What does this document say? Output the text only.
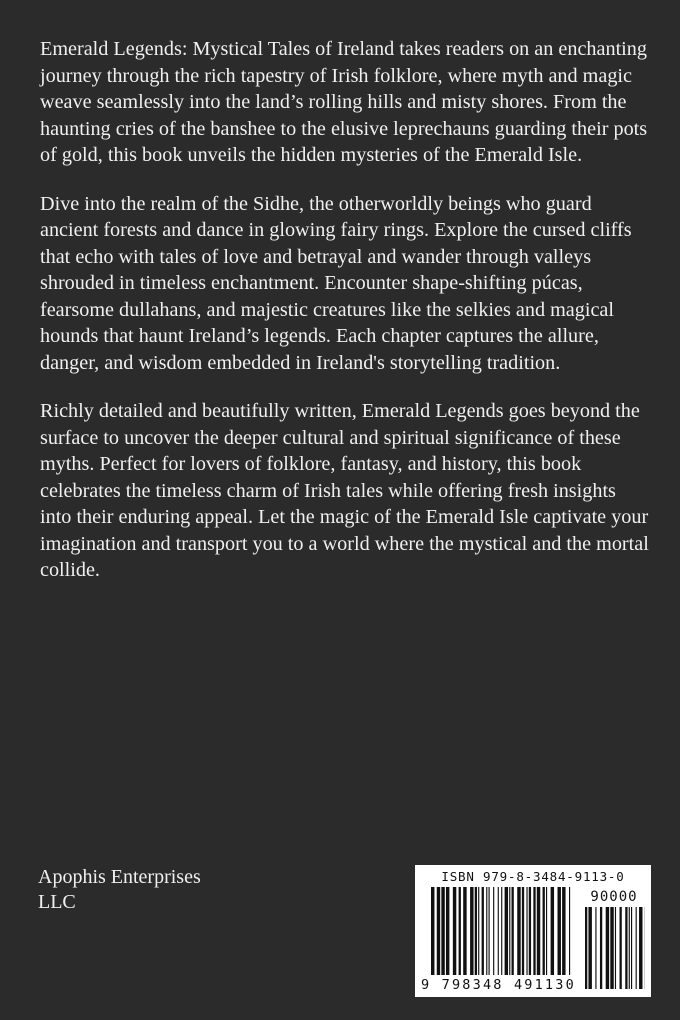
Emerald Legends: Mystical Tales of Ireland takes readers on an enchanting journey through the rich tapestry of Irish folklore, where myth and magic weave seamlessly into the land’s rolling hills and misty shores. From the haunting cries of the banshee to the elusive leprechauns guarding their pots of gold, this book unveils the hidden mysteries of the Emerald Isle.

Dive into the realm of the Sidhe, the otherworldly beings who guard ancient forests and dance in glowing fairy rings. Explore the cursed cliffs that echo with tales of love and betrayal and wander through valleys shrouded in timeless enchantment. Encounter shape-shifting púcas, fearsome dullahans, and majestic creatures like the selkies and magical hounds that haunt Ireland’s legends. Each chapter captures the allure, danger, and wisdom embedded in Ireland's storytelling tradition.

Richly detailed and beautifully written, Emerald Legends goes beyond the surface to uncover the deeper cultural and spiritual significance of these myths. Perfect for lovers of folklore, fantasy, and history, this book celebrates the timeless charm of Irish tales while offering fresh insights into their enduring appeal. Let the magic of the Emerald Isle captivate your imagination and transport you to a world where the mystical and the mortal collide.

Apophis Enterprises
LLC
ISBN 979-8-3484-9113-0
90000
9 798348 491130
